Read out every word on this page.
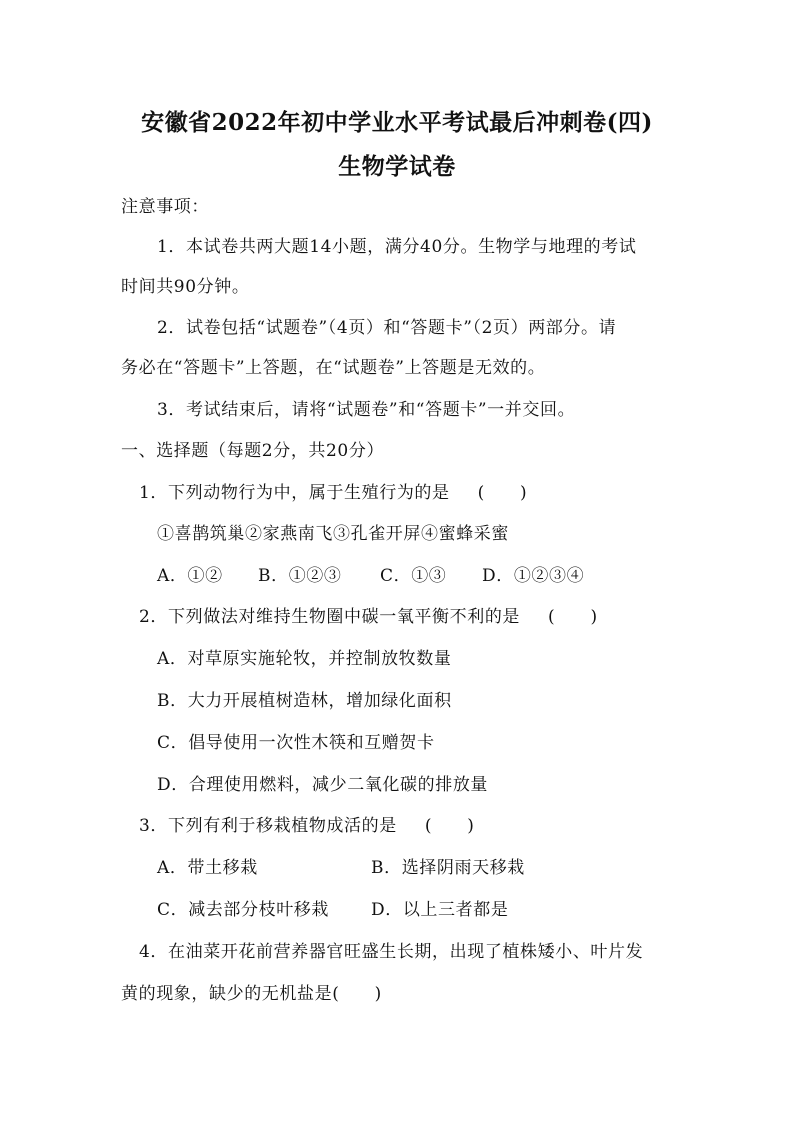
安徽省2022年初中学业水平考试最后冲刺卷(四)
生物学试卷
注意事项：
1．本试卷共两大题14小题，满分40分。生物学与地理的考试
时间共90分钟。
2．试卷包括“试题卷”（4页）和“答题卡”（2页）两部分。请
务必在“答题卡”上答题，在“试题卷”上答题是无效的。
3．考试结束后，请将“试题卷”和“答题卡”一并交回。
一、选择题（每题2分，共20分）
1．下列动物行为中，属于生殖行为的是 (　　)
①喜鹊筑巢②家燕南飞③孔雀开屏④蜜蜂采蜜
A．①② B．①②③ C．①③ D．①②③④
2．下列做法对维持生物圈中碳一氧平衡不利的是 (　　)
A．对草原实施轮牧，并控制放牧数量
B．大力开展植树造林，增加绿化面积
C．倡导使用一次性木筷和互赠贺卡
D．合理使用燃料，减少二氧化碳的排放量
3．下列有利于移栽植物成活的是 (　　)
A．带土移栽	B．选择阴雨天移栽
C．减去部分枝叶移栽 D．以上三者都是
4．在油菜开花前营养器官旺盛生长期，出现了植株矮小、叶片发
黄的现象，缺少的无机盐是(　　)
